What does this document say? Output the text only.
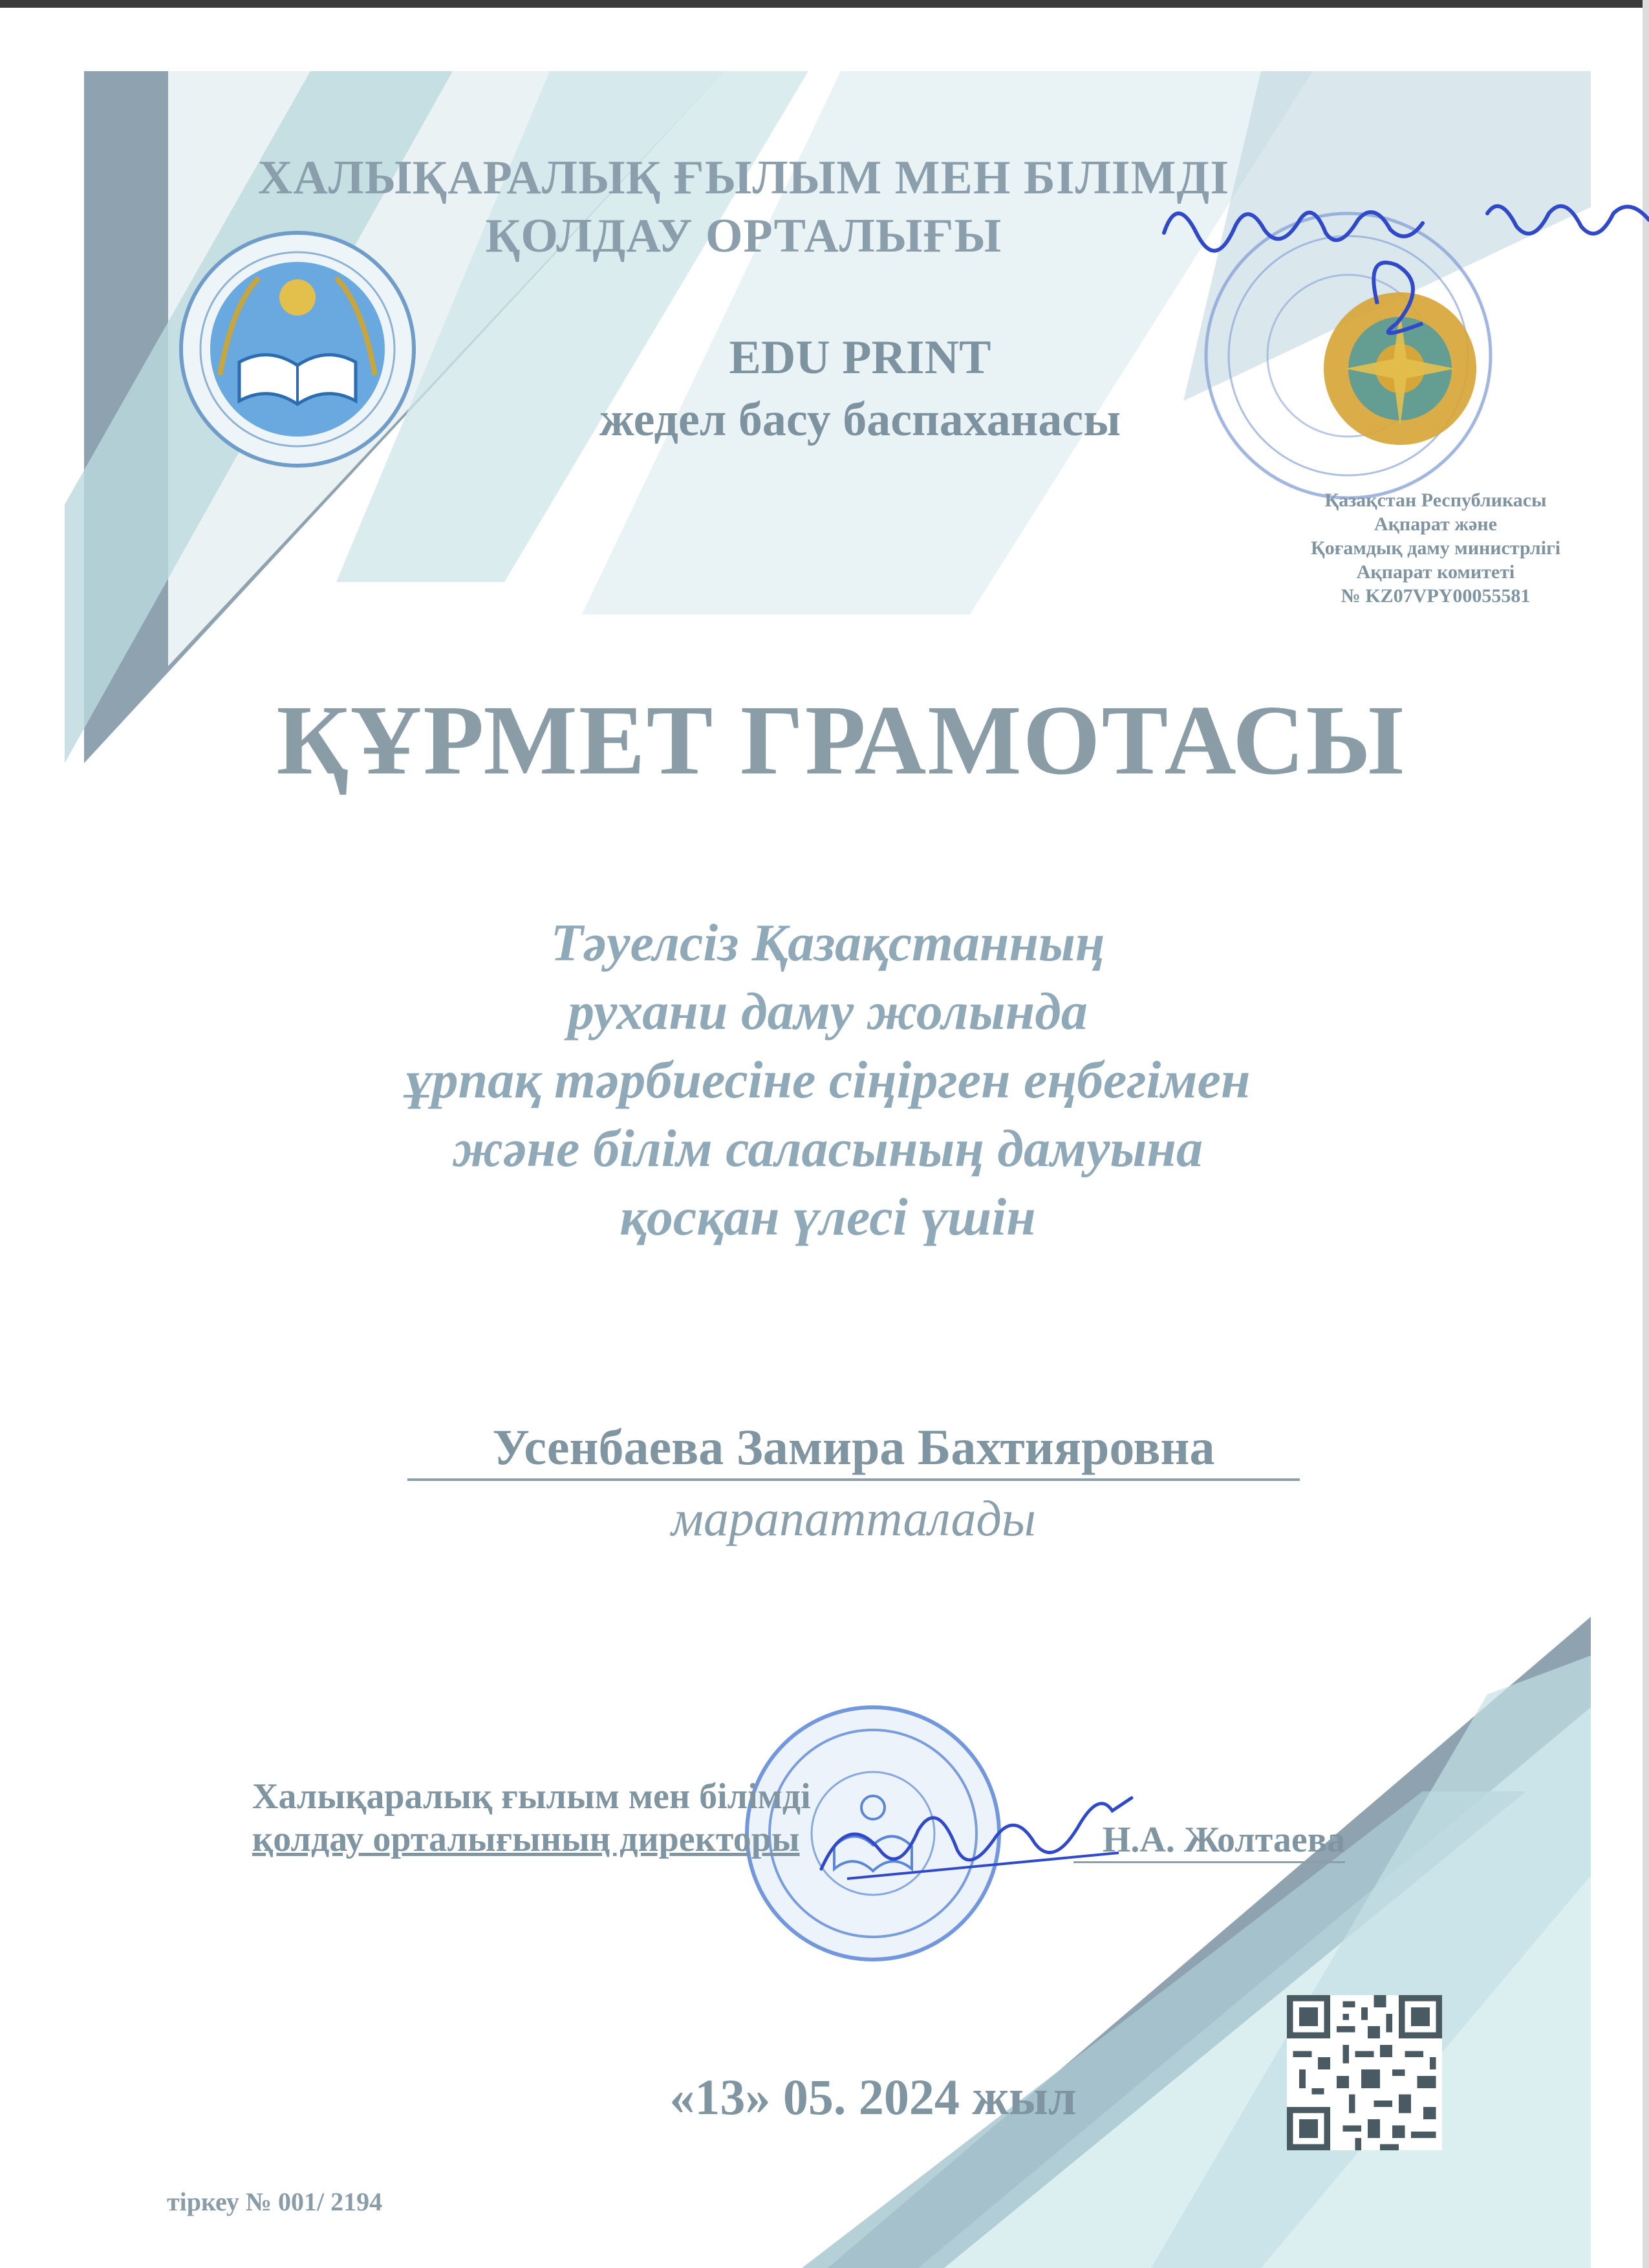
ХАЛЫҚАРАЛЫҚ ҒЫЛЫМ МЕН БІЛІМДІ
ҚОЛДАУ ОРТАЛЫҒЫ
EDU PRINT
жедел басу баспаханасы
Қазақстан Республикасы
Ақпарат және
Қоғамдық даму министрлігі
Ақпарат комитеті
№ KZ07VPY00055581
ҚҰРМЕТ ГРАМОТАСЫ
Тәуелсіз Қазақстанның
рухани даму жолында
ұрпақ тәрбиесіне сіңірген еңбегімен
және білім саласының дамуына
қосқан үлесі үшін
Усенбаева Замира Бахтияровна
марапатталады
Халықаралық ғылым мен білімді
қолдау орталығының директоры	Н.А. Жолтаева
«13» 05. 2024 жыл
тіркеу № 001/ 2194
